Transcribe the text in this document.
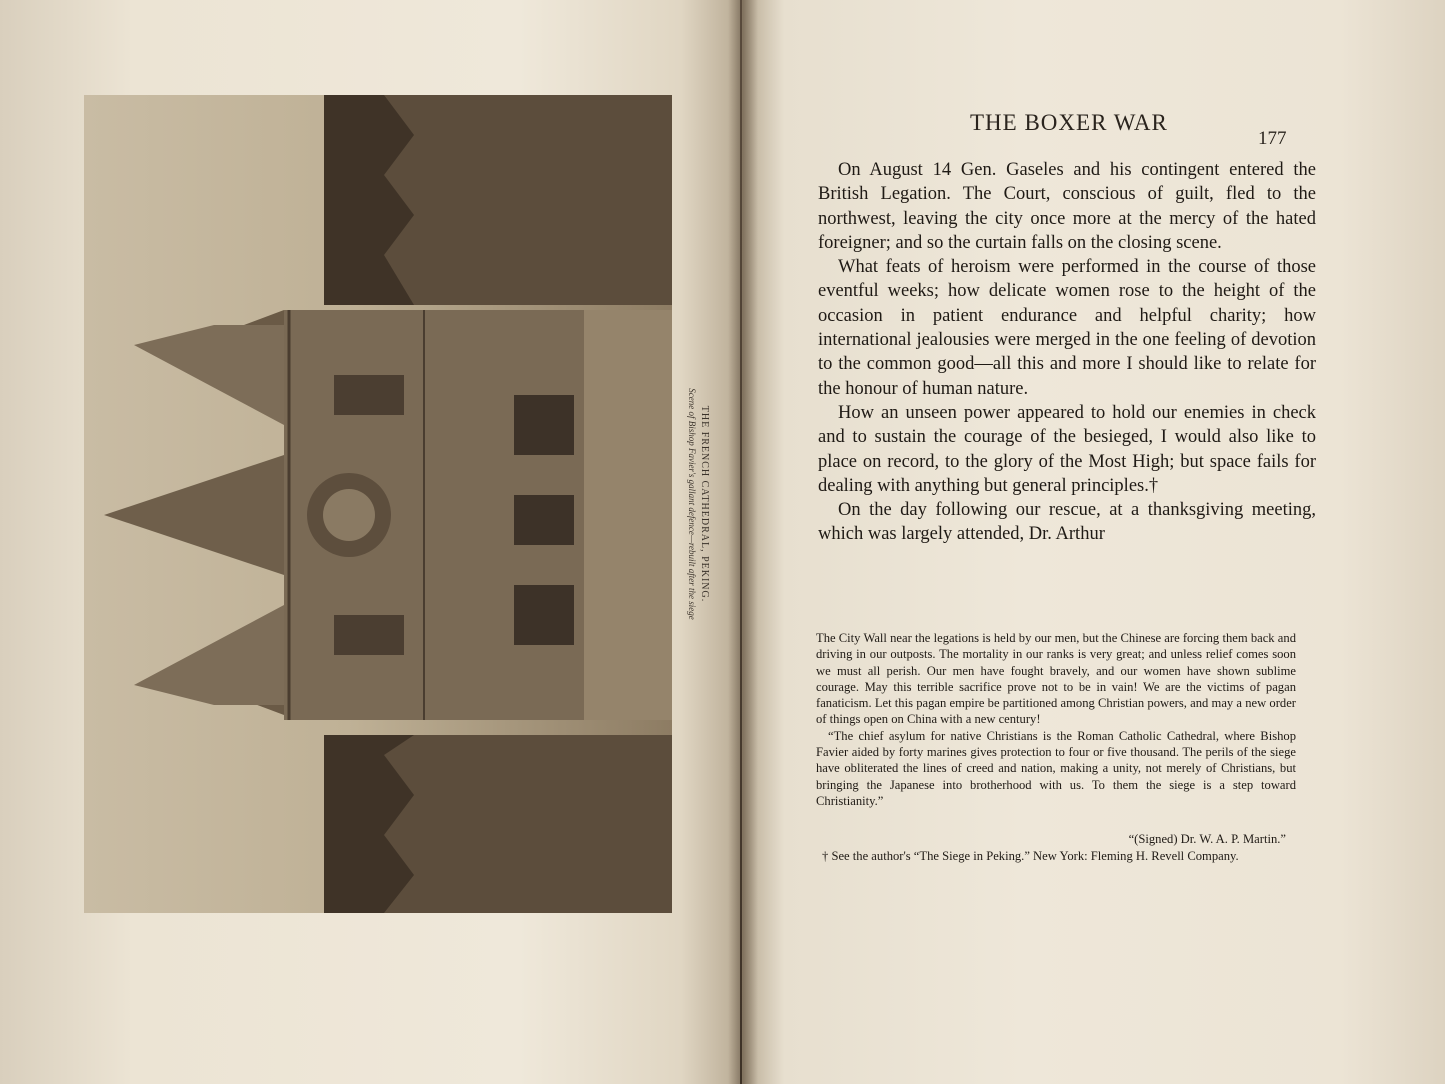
THE FRENCH CATHEDRAL, PEKING.
Scene of Bishop Favier's gallant defence—rebuilt after the siege
THE BOXER WAR
177

On August 14 Gen. Gaseles and his contingent entered the British Legation. The Court, conscious of guilt, fled to the northwest, leaving the city once more at the mercy of the hated foreigner; and so the curtain falls on the closing scene.

What feats of heroism were performed in the course of those eventful weeks; how delicate women rose to the height of the occasion in patient endurance and helpful charity; how international jealousies were merged in the one feeling of devotion to the common good—all this and more I should like to relate for the honour of human nature.

How an unseen power appeared to hold our enemies in check and to sustain the courage of the besieged, I would also like to place on record, to the glory of the Most High; but space fails for dealing with anything but general principles.†

On the day following our rescue, at a thanksgiving meeting, which was largely attended, Dr. Arthur

The City Wall near the legations is held by our men, but the Chinese are forcing them back and driving in our outposts. The mortality in our ranks is very great; and unless relief comes soon we must all perish. Our men have fought bravely, and our women have shown sublime courage. May this terrible sacrifice prove not to be in vain! We are the victims of pagan fanaticism. Let this pagan empire be partitioned among Christian powers, and may a new order of things open on China with a new century!

“The chief asylum for native Christians is the Roman Catholic Cathedral, where Bishop Favier aided by forty marines gives protection to four or five thousand. The perils of the siege have obliterated the lines of creed and nation, making a unity, not merely of Christians, but bringing the Japanese into brotherhood with us. To them the siege is a step toward Christianity.”

“(Signed) Dr. W. A. P. Martin.”

† See the author's “The Siege in Peking.” New York: Fleming H. Revell Company.
